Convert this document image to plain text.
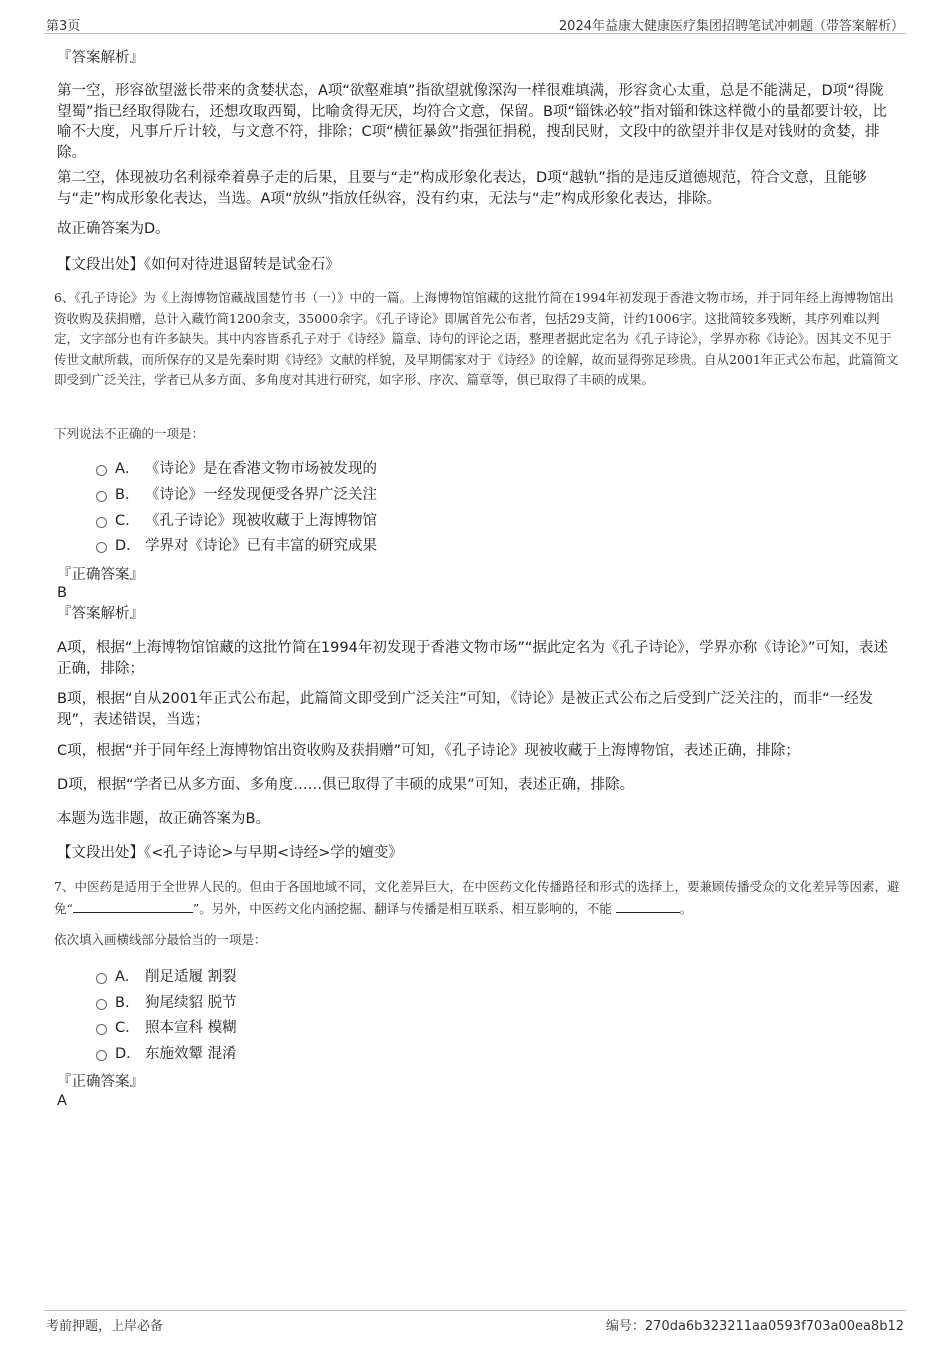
第3页	2024年益康大健康医疗集团招聘笔试冲刺题（带答案解析）
『答案解析』
第一空，形容欲望滋长带来的贪婪状态，A项“欲壑难填”指欲望就像深沟一样很难填满，形容贪心太重，总是不能满足，D项“得陇望蜀”指已经取得陇右，还想攻取西蜀，比喻贪得无厌，均符合文意，保留。B项“锱铢必较”指对锱和铢这样微小的量都要计较，比喻不大度，凡事斤斤计较，与文意不符，排除；C项“横征暴敛”指强征捐税，搜刮民财，文段中的欲望并非仅是对钱财的贪婪，排除。
第二空，体现被功名利禄牵着鼻子走的后果，且要与“走”构成形象化表达，D项“越轨”指的是违反道德规范，符合文意，且能够与“走”构成形象化表达，当选。A项“放纵”指放任纵容，没有约束，无法与“走”构成形象化表达，排除。
故正确答案为D。
【文段出处】《如何对待进退留转是试金石》
6、《孔子诗论》为《上海博物馆藏战国楚竹书（一）》中的一篇。上海博物馆馆藏的这批竹简在1994年初发现于香港文物市场，并于同年经上海博物馆出资收购及获捐赠，总计入藏竹简1200余支，35000余字。《孔子诗论》即属首先公布者，包括29支简，计约1006字。这批简较多残断，其序列难以判定，文字部分也有许多缺失。其中内容皆系孔子对于《诗经》篇章、诗句的评论之语，整理者据此定名为《孔子诗论》，学界亦称《诗论》。因其文不见于传世文献所载，而所保存的又是先秦时期《诗经》文献的样貌，及早期儒家对于《诗经》的诠解，故而显得弥足珍贵。自从2001年正式公布起，此篇简文即受到广泛关注，学者已从多方面、多角度对其进行研究，如字形、序次、篇章等，俱已取得了丰硕的成果。
下列说法不正确的一项是：
A． 《诗论》是在香港文物市场被发现的
B． 《诗论》一经发现便受各界广泛关注
C． 《孔子诗论》现被收藏于上海博物馆
D． 学界对《诗论》已有丰富的研究成果
『正确答案』
B
『答案解析』
A项，根据“上海博物馆馆藏的这批竹简在1994年初发现于香港文物市场”“据此定名为《孔子诗论》，学界亦称《诗论》”可知，表述正确，排除；
B项，根据“自从2001年正式公布起，此篇简文即受到广泛关注”可知，《诗论》是被正式公布之后受到广泛关注的，而非“一经发现”，表述错误，当选；
C项，根据“并于同年经上海博物馆出资收购及获捐赠”可知，《孔子诗论》现被收藏于上海博物馆，表述正确，排除；
D项，根据“学者已从多方面、多角度……俱已取得了丰硕的成果”可知，表述正确，排除。
本题为选非题，故正确答案为B。
【文段出处】《<孔子诗论>与早期<诗经>学的嬗变》
7、中医药是适用于全世界人民的。但由于各国地域不同，文化差异巨大，在中医药文化传播路径和形式的选择上，要兼顾传播受众的文化差异等因素，避免“	”。另外，中医药文化内涵挖掘、翻译与传播是相互联系、相互影响的，不能	。
依次填入画横线部分最恰当的一项是：
A． 削足适履 割裂
B． 狗尾续貂 脱节
C． 照本宣科 模糊
D． 东施效颦 混淆
『正确答案』
A
考前押题，上岸必备	编号：270da6b323211aa0593f703a00ea8b12
